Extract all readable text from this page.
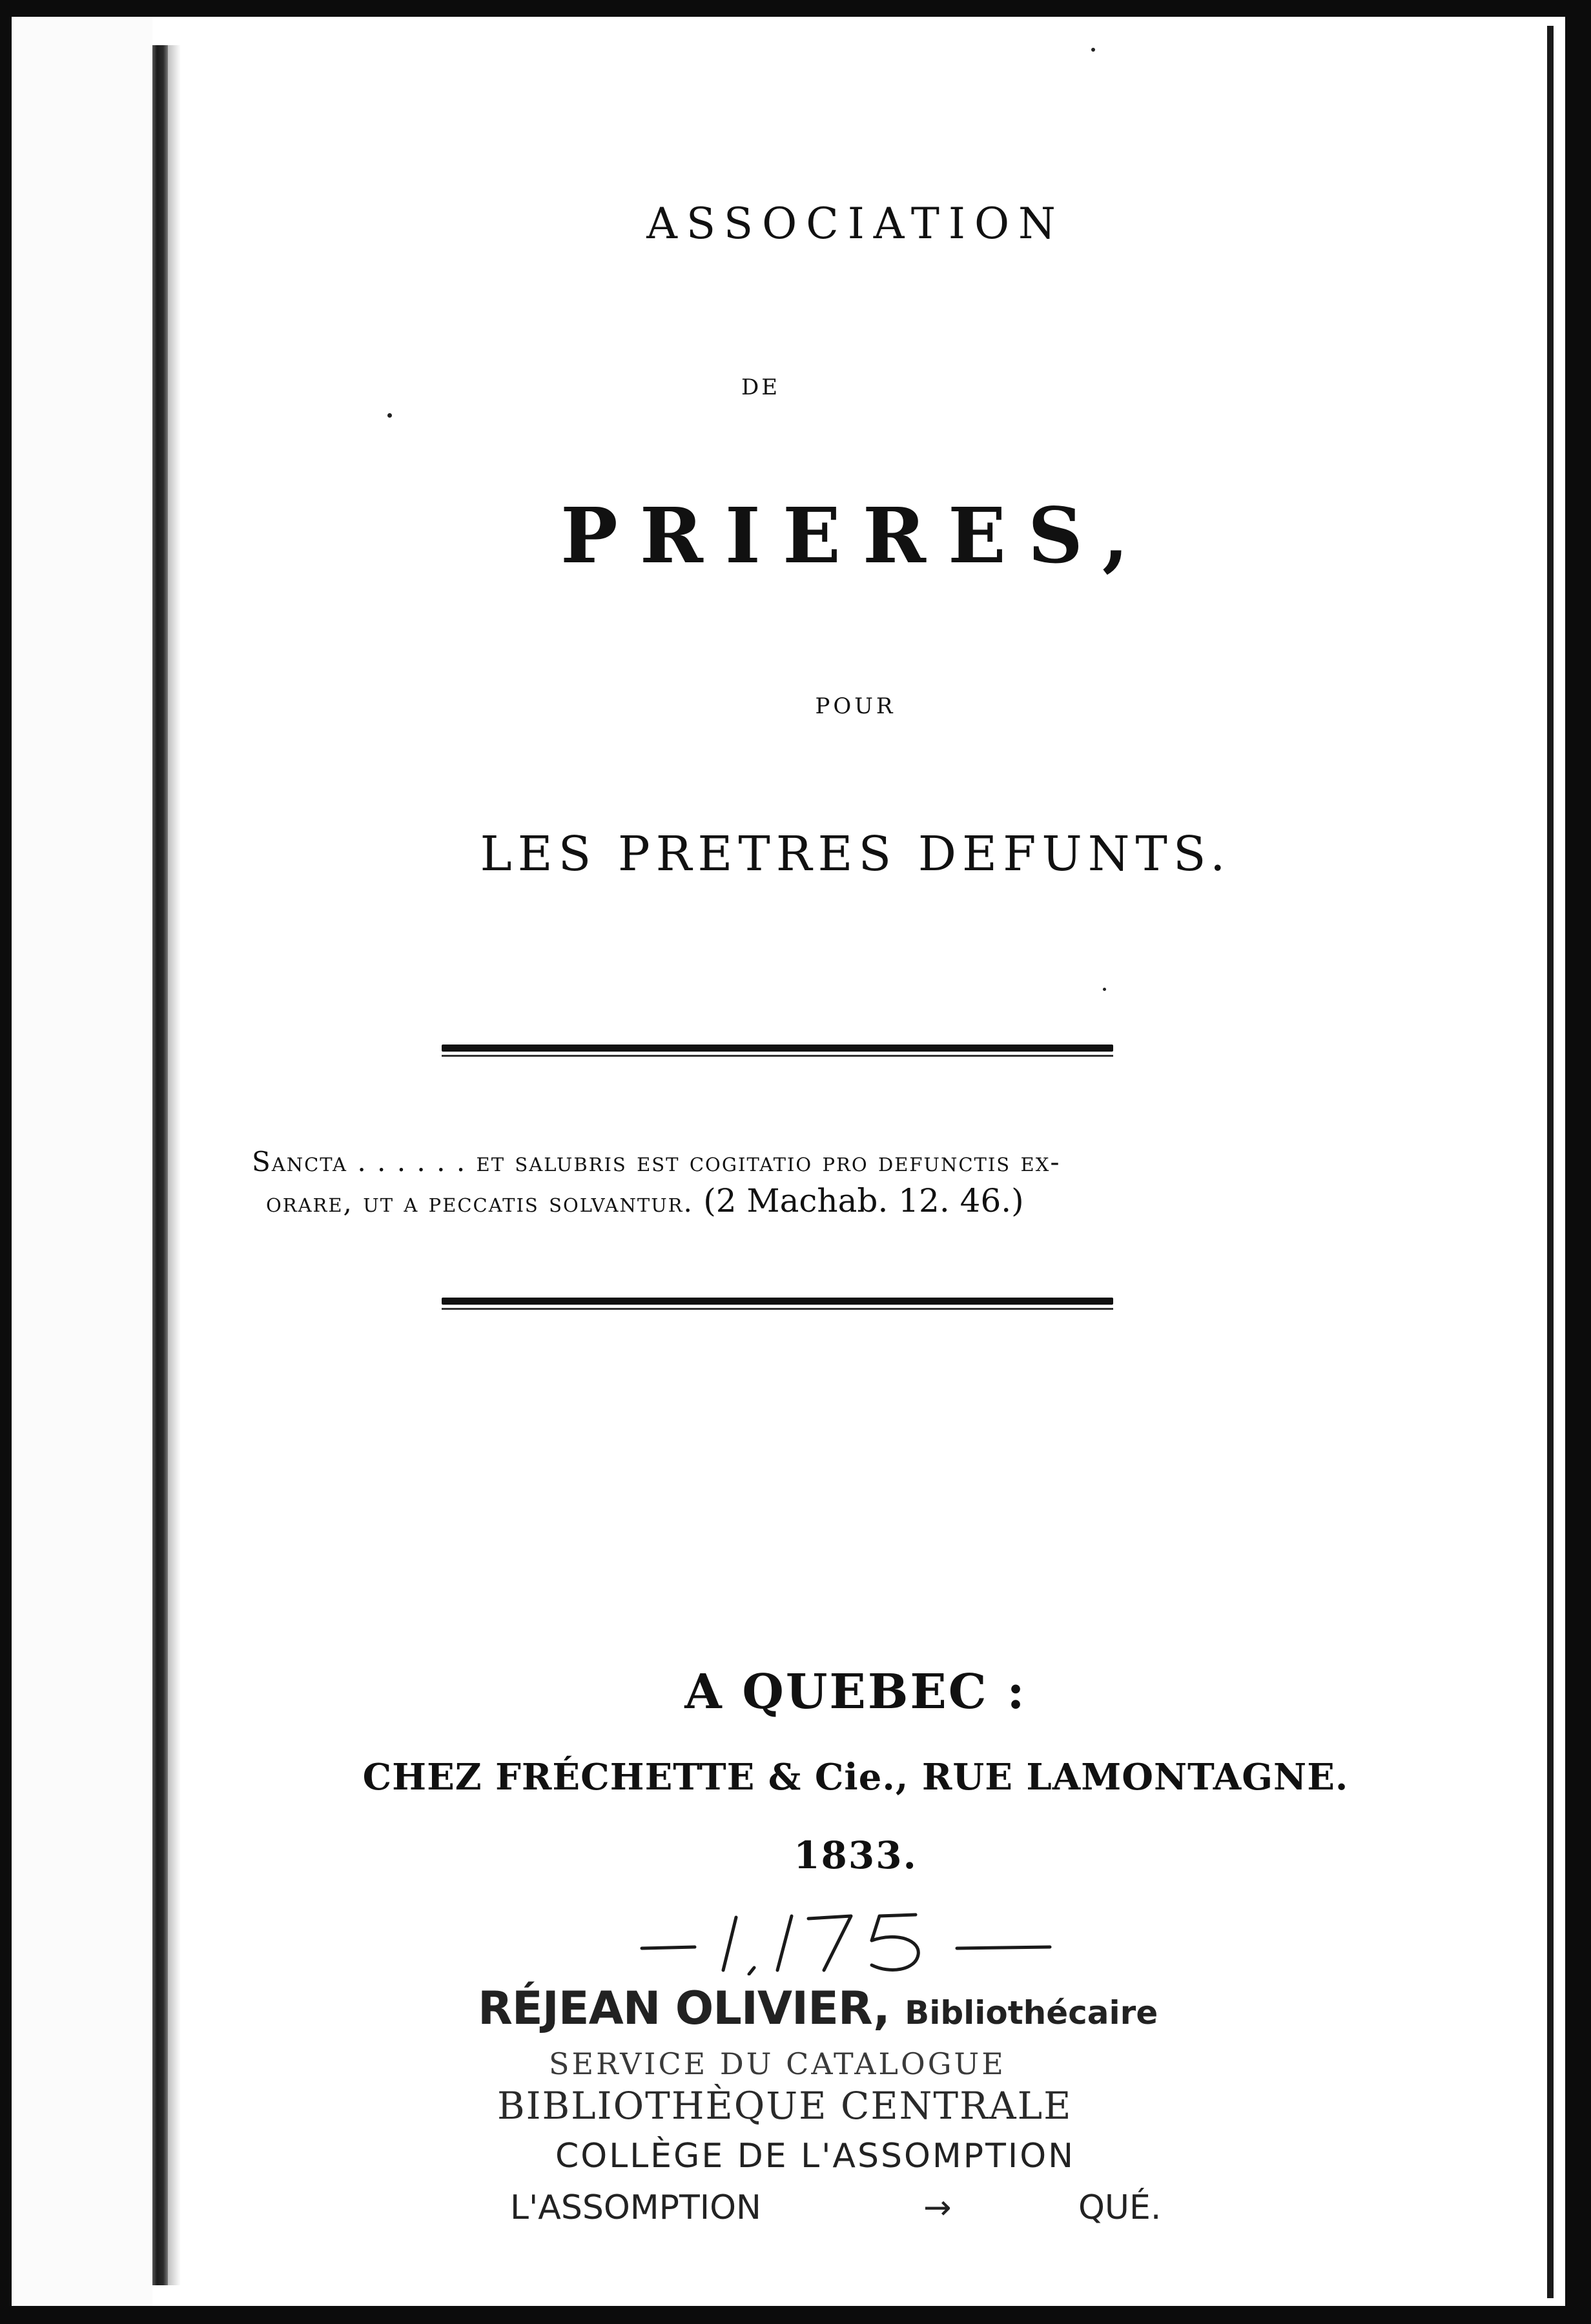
ASSOCIATION
DE
PRIERES,
POUR
LES PRETRES DEFUNTS.
Sancta . . . . . . et salubris est cogitatio pro defunctis ex-
orare, ut a peccatis solvantur. (2 Machab. 12. 46.)
A QUEBEC :
CHEZ FRÉCHETTE & Cie., RUE LAMONTAGNE.
1833.
RÉJEAN OLIVIER, Bibliothécaire
SERVICE DU CATALOGUE
BIBLIOTHÈQUE CENTRALE
COLLÈGE DE L'ASSOMPTION
L'ASSOMPTION	→	QUÉ.
